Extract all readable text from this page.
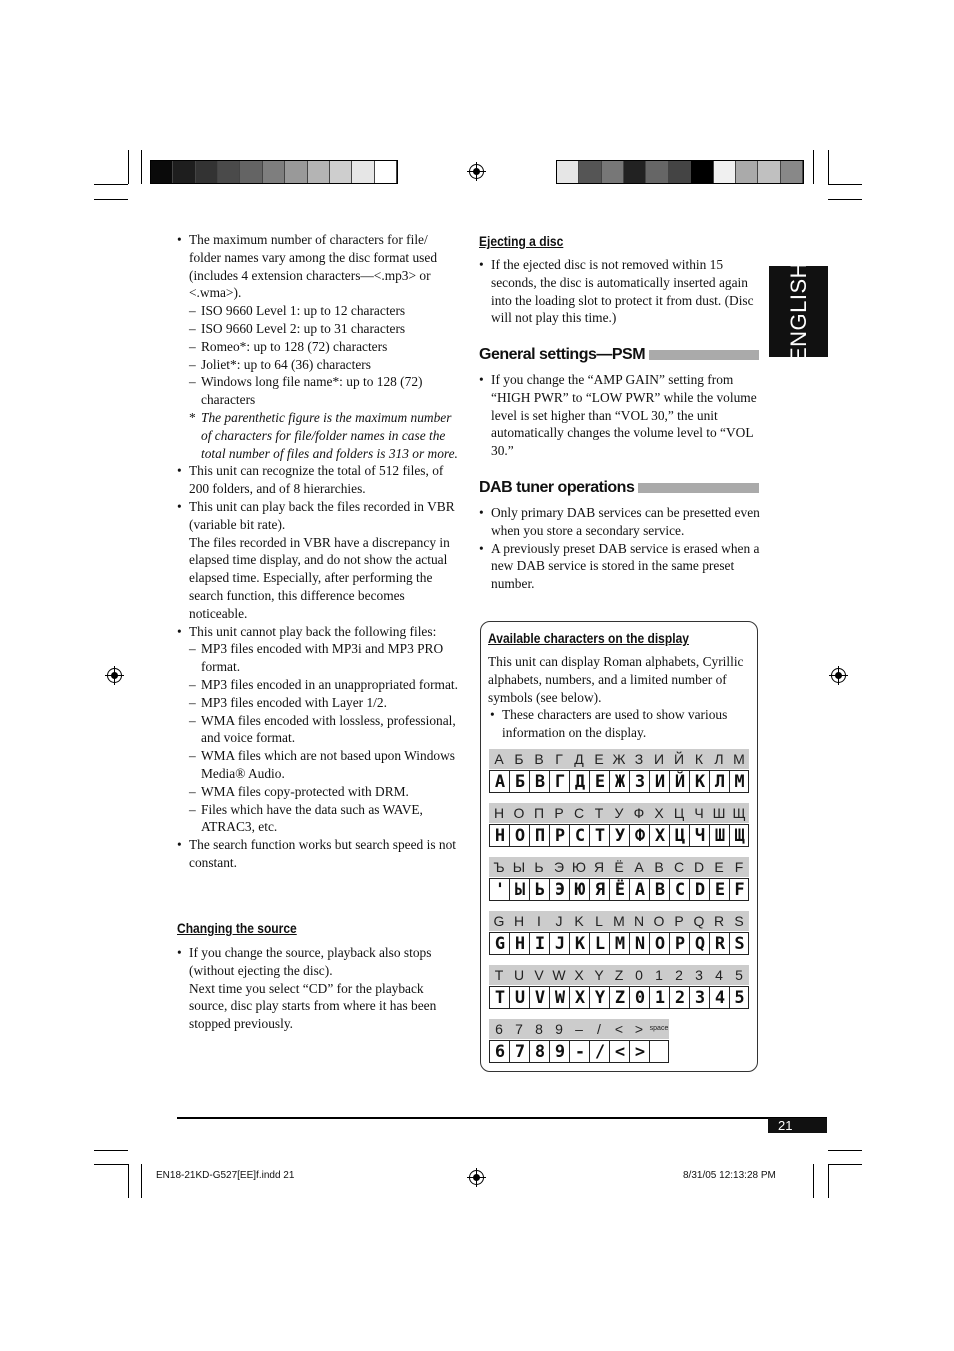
ENGLISH
• The maximum number of characters for file/ folder names vary among the disc format used (includes 4 extension characters—<.mp3> or <.wma>).
– ISO 9660 Level 1: up to 12 characters
– ISO 9660 Level 2: up to 31 characters
– Romeo*: up to 128 (72) characters
– Joliet*: up to 64 (36) characters
– Windows long file name*: up to 128 (72) characters
* The parenthetic figure is the maximum number of characters for file/folder names in case the total number of files and folders is 313 or more.
• This unit can recognize the total of 512 files, of 200 folders, and of 8 hierarchies.
• This unit can play back the files recorded in VBR (variable bit rate).
The files recorded in VBR have a discrepancy in elapsed time display, and do not show the actual elapsed time. Especially, after performing the search function, this difference becomes noticeable.
• This unit cannot play back the following files:
– MP3 files encoded with MP3i and MP3 PRO format.
– MP3 files encoded in an unappropriated format.
– MP3 files encoded with Layer 1/2.
– WMA files encoded with lossless, professional, and voice format.
– WMA files which are not based upon Windows Media® Audio.
– WMA files copy-protected with DRM.
– Files which have the data such as WAVE, ATRAC3, etc.
• The search function works but search speed is not constant.
Changing the source
• If you change the source, playback also stops (without ejecting the disc).
Next time you select “CD” for the playback source, disc play starts from where it has been stopped previously.
Ejecting a disc
• If the ejected disc is not removed within 15 seconds, the disc is automatically inserted again into the loading slot to protect it from dust. (Disc will not play this time.)
General settings—PSM
• If you change the “AMP GAIN” setting from “HIGH PWR” to “LOW PWR” while the volume level is set higher than “VOL 30,” the unit automatically changes the volume level to “VOL 30.”
DAB tuner operations
• Only primary DAB services can be presetted even when you store a secondary service.
• A previously preset DAB service is erased when a new DAB service is stored in the same preset number.
Available characters on the display
This unit can display Roman alphabets, Cyrillic alphabets, numbers, and a limited number of symbols (see below).
• These characters are used to show various information on the display.
А Б В Г Д Е Ж З И Й К Л М
A Б B Г Д E Ж З И Й K Л M
Н О П Р С Т У Ф Х Ц Ч Ш Щ
H O П P C T У Ф X Ц Ч Ш Щ
Ъ Ы Ь Э Ю Я Ё A B C D E F
' Ы Ь Э Ю Я Ё A B C D E F
G H I	J K L M N O P Q R S
G H I J K L M N O P Q R S
T U V W X Y Z 0 1 2 3 4 5
T U V W X Y Z 0 1 2 3 4 5
6 7 8 9 –	/ < > space
6 7 8 9 - / < >
21
EN18-21KD-G527[EE]f.indd 21	8/31/05 12:13:28 PM
